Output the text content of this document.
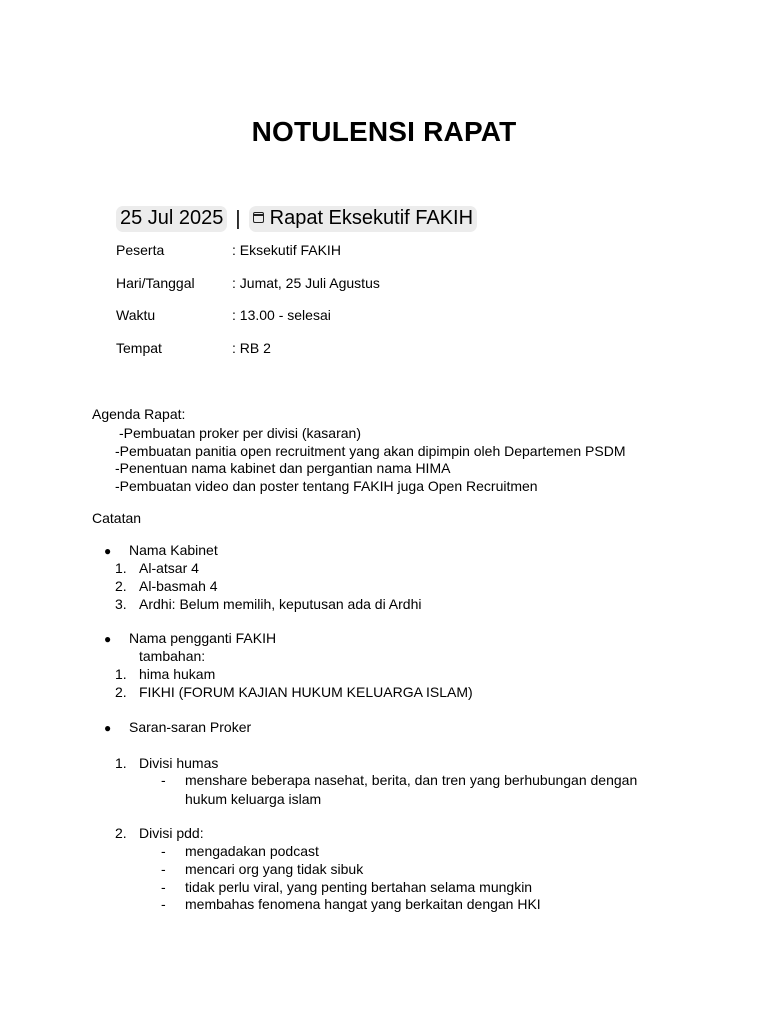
NOTULENSI RAPAT
25 Jul 2025 |	Rapat Eksekutif FAKIH
Peserta	: Eksekutif FAKIH
Hari/Tanggal	: Jumat, 25 Juli Agustus
Waktu	: 13.00 - selesai
Tempat	: RB 2
Agenda Rapat:
-Pembuatan proker per divisi (kasaran)
-Pembuatan panitia open recruitment yang akan dipimpin oleh Departemen PSDM
-Penentuan nama kabinet dan pergantian nama HIMA
-Pembuatan video dan poster tentang FAKIH juga Open Recruitmen
Catatan
● Nama Kabinet
1. Al-atsar 4
2. Al-basmah 4
3. Ardhi: Belum memilih, keputusan ada di Ardhi
● Nama pengganti FAKIH
tambahan:
1. hima hukam
2. FIKHI (FORUM KAJIAN HUKUM KELUARGA ISLAM)
● Saran-saran Proker
1. Divisi humas
- menshare beberapa nasehat, berita, dan tren yang berhubungan dengan
hukum keluarga islam
2. Divisi pdd:
- mengadakan podcast
- mencari org yang tidak sibuk
- tidak perlu viral, yang penting bertahan selama mungkin
- membahas fenomena hangat yang berkaitan dengan HKI
